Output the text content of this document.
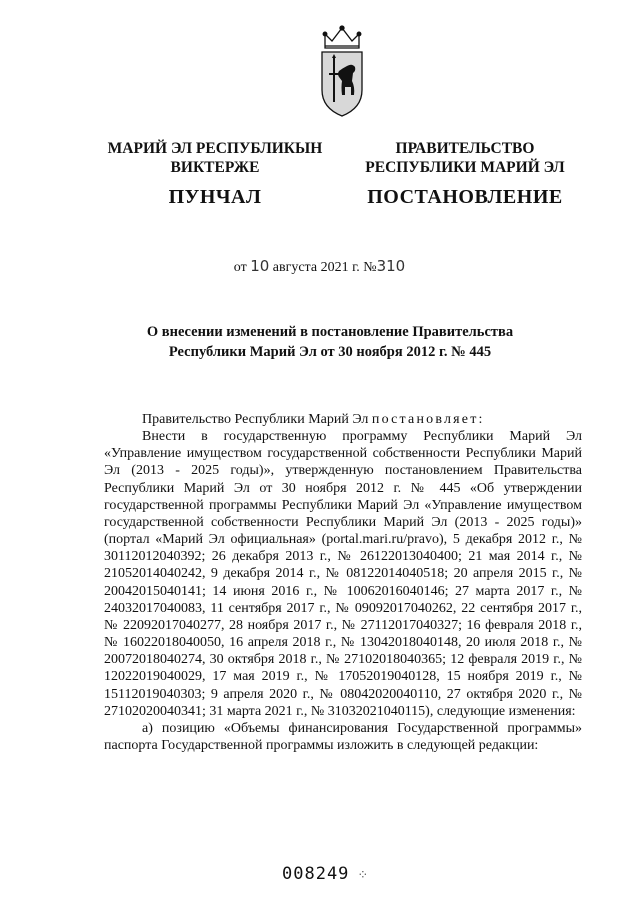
МАРИЙ ЭЛ РЕСПУБЛИКЫН
ВИКТЕРЖЕ
ПУНЧАЛ
ПРАВИТЕЛЬСТВО
РЕСПУБЛИКИ МАРИЙ ЭЛ
ПОСТАНОВЛЕНИЕ
от 10 августа 2021 г. №310
О внесении изменений в постановление Правительства
Республики Марий Эл от 30 ноября 2012 г. № 445

Правительство Республики Марий Эл постановляет:

Внести в государственную программу Республики Марий Эл «Управление имуществом государственной собственности Республики Марий Эл (2013 - 2025 годы)», утвержденную постановлением Правительства Республики Марий Эл от 30 ноября 2012 г. № 445 «Об утверждении государственной программы Республики Марий Эл «Управление имуществом государственной собственности Республики Марий Эл (2013 - 2025 годы)» (портал «Марий Эл официальная» (portal.mari.ru/pravo), 5 декабря 2012 г., № 30112012040392; 26 декабря 2013 г., № 26122013040400; 21 мая 2014 г., № 21052014040242, 9 декабря 2014 г., № 08122014040518; 20 апреля 2015 г., № 20042015040141; 14 июня 2016 г., № 10062016040146; 27 марта 2017 г., № 24032017040083, 11 сентября 2017 г., № 09092017040262, 22 сентября 2017 г., № 22092017040277, 28 ноября 2017 г., № 27112017040327; 16 февраля 2018 г., № 16022018040050, 16 апреля 2018 г., № 13042018040148, 20 июля 2018 г., № 20072018040274, 30 октября 2018 г., № 27102018040365; 12 февраля 2019 г., № 12022019040029, 17 мая 2019 г., № 17052019040128, 15 ноября 2019 г., № 15112019040303; 9 апреля 2020 г., № 08042020040110, 27 октября 2020 г., № 27102020040341; 31 марта 2021 г., № 31032021040115), следующие изменения:

а) позицию «Объемы финансирования Государственной программы» паспорта Государственной программы изложить в следующей редакции:

008249 ⁘
